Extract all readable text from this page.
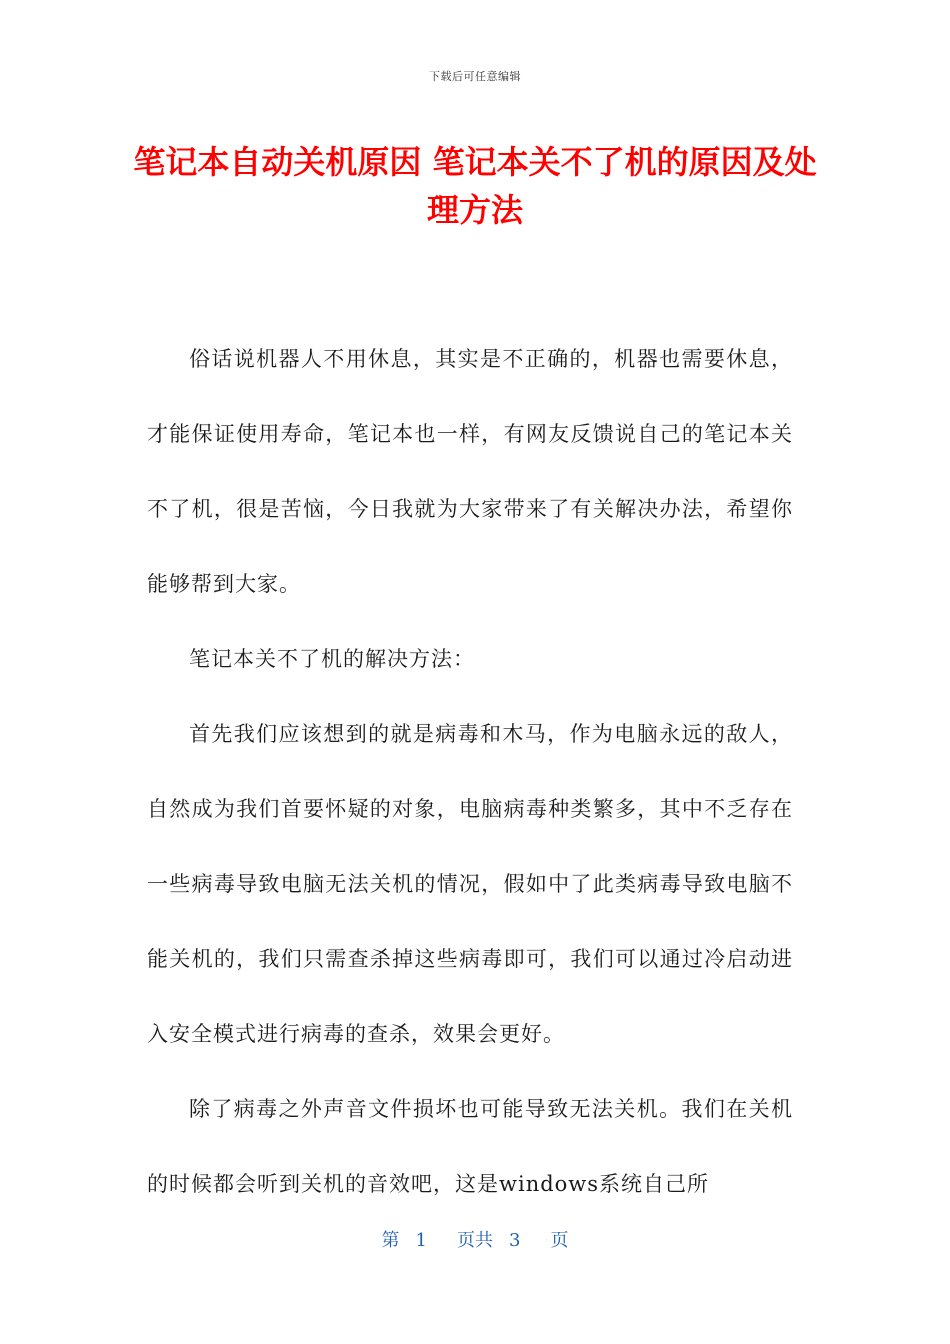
下载后可任意编辑
笔记本自动关机原因 笔记本关不了机的原因及处理方法

俗话说机器人不用休息，其实是不正确的，机器也需要休息，才能保证使用寿命，笔记本也一样，有网友反馈说自己的笔记本关不了机，很是苦恼，今日我就为大家带来了有关解决办法，希望你能够帮到大家。

笔记本关不了机的解决方法：

首先我们应该想到的就是病毒和木马，作为电脑永远的敌人，自然成为我们首要怀疑的对象，电脑病毒种类繁多，其中不乏存在一些病毒导致电脑无法关机的情况，假如中了此类病毒导致电脑不能关机的，我们只需查杀掉这些病毒即可，我们可以通过冷启动进入安全模式进行病毒的查杀，效果会更好。

除了病毒之外声音文件损坏也可能导致无法关机。我们在关机的时候都会听到关机的音效吧，这是windows系统自己所

第 1 页共 3 页
